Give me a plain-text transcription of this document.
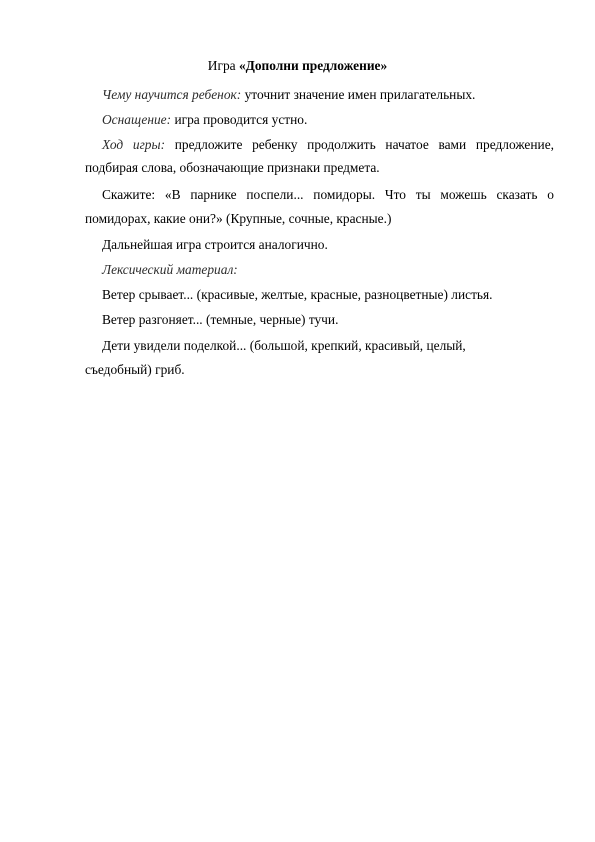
Игра «Дополни предложение»
Чему научится ребенок: уточнит значение имен прилагательных.
Оснащение: игра проводится устно.
Ход игры: предложите ребенку продолжить начатое вами предложение,
подбирая слова, обозначающие признаки предмета.
Скажите: «В парнике поспели... помидоры. Что ты можешь сказать о
помидорах, какие они?» (Крупные, сочные, красные.)
Дальнейшая игра строится аналогично.
Лексический материал:
Ветер срывает... (красивые, желтые, красные, разноцветные) листья.
Ветер разгоняет... (темные, черные) тучи.
Дети увидели поделкой... (большой, крепкий, красивый, целый,
съедобный) гриб.
